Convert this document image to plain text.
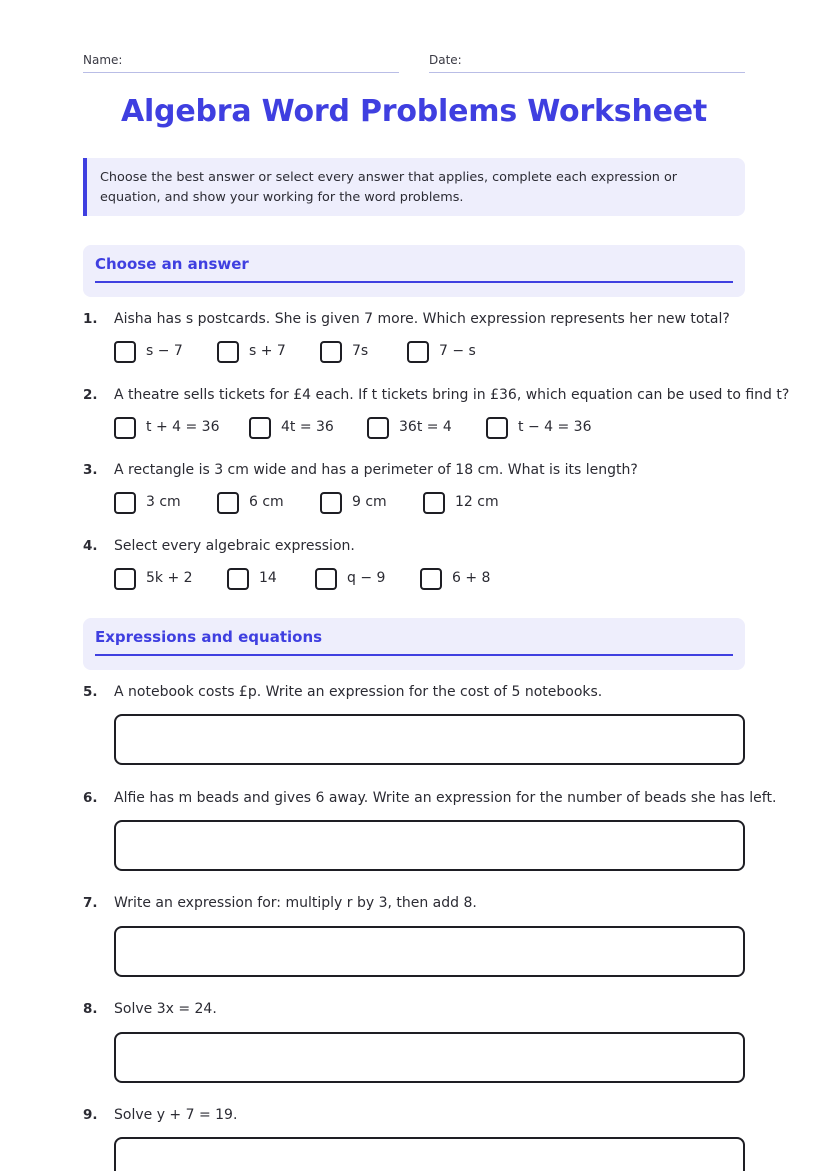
Name:	Date:
Algebra Word Problems Worksheet
Choose the best answer or select every answer that applies, complete each expression or equation, and show your working for the word problems.
Choose an answer
1. Aisha has s postcards. She is given 7 more. Which expression represents her new total?
s − 7	s + 7	7s	7 − s
2. A theatre sells tickets for £4 each. If t tickets bring in £36, which equation can be used to find t?
t + 4 = 36	4t = 36	36t = 4	t − 4 = 36
3. A rectangle is 3 cm wide and has a perimeter of 18 cm. What is its length?
3 cm	6 cm	9 cm	12 cm
4. Select every algebraic expression.
5k + 2	14	q − 9	6 + 8
Expressions and equations
5. A notebook costs £p. Write an expression for the cost of 5 notebooks.
6. Alfie has m beads and gives 6 away. Write an expression for the number of beads she has left.
7. Write an expression for: multiply r by 3, then add 8.
8. Solve 3x = 24.
9. Solve y + 7 = 19.
